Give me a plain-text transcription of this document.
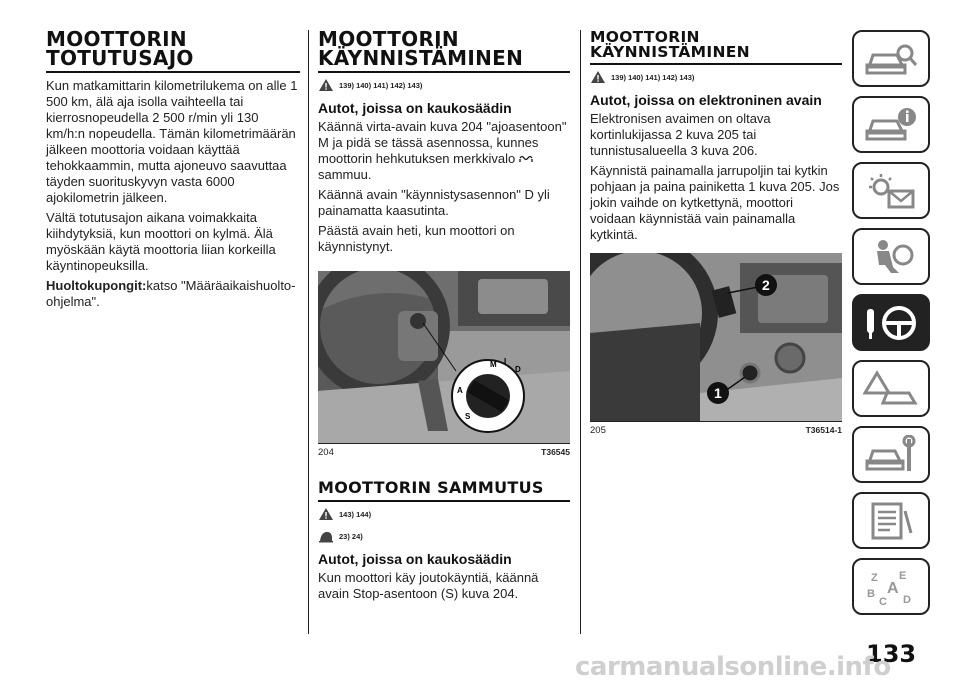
MOOTTORIN TOTUTUSAJO

Kun matkamittarin kilometrilukema on alle 1 500 km, älä aja isolla vaihteella tai kierrosnopeudella 2 500 r/min yli 130 km/h:n nopeudella. Tämän kilometrimäärän jälkeen moottoria voidaan käyttää tehokkaammin, mutta ajoneuvo saavuttaa täyden suorituskyvyn vasta 6000 ajokilometrin jälkeen.

Vältä totutusajon aikana voimakkaita kiihdytyksiä, kun moottori on kylmä. Älä myöskään käytä moottoria liian korkeilla käyntinopeuksilla.

Huoltokupongit:katso "Määräaikaishuolto-ohjelma".

MOOTTORIN KÄYNNISTÄMINEN
139) 140) 141) 142) 143)
Autot, joissa on kaukosäädin

Käännä virta-avain kuva 204 "ajoasentoon" M ja pidä se tässä asennossa, kunnes moottorin hehkutuksen merkkivalosammuu.

Käännä avain "käynnistysasennon" D yli painamatta kaasutinta.

Päästä avain heti, kun moottori on käynnistynyt.

M
D
A
S
I
204	T36545
MOOTTORIN SAMMUTUS
143) 144)
23) 24)
Autot, joissa on kaukosäädin

Kun moottori käy joutokäyntiä, käännä avain Stop-asentoon (S) kuva 204.

MOOTTORIN KÄYNNISTÄMINEN
139) 140) 141) 142) 143)
Autot, joissa on elektroninen avain

Elektronisen avaimen on oltava kortinlukijassa 2 kuva 205 tai tunnistusalueella 3 kuva 206.

Käynnistä painamalla jarrupoljin tai kytkin pohjaan ja paina painiketta 1 kuva 205. Jos jokin vaihde on kytkettynä, moottori voidaan käynnistää vain painamalla kytkintä.

2
1
205	T36514-1
Z E
B A
C D
133
carmanualsonline.info
